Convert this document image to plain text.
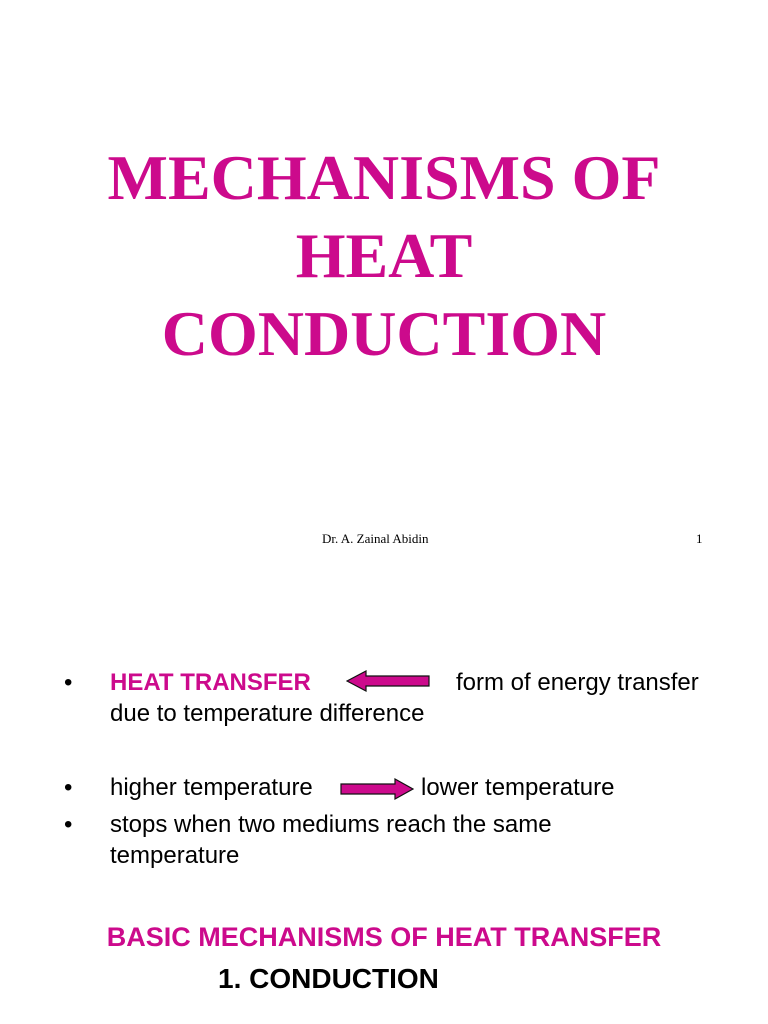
MECHANISMS OF
HEAT
CONDUCTION
Dr. A. Zainal Abidin	1
• HEAT TRANSFER	form of energy transfer
due to temperature difference
• higher temperature	lower temperature
• stops when two mediums reach the same
temperature
BASIC MECHANISMS OF HEAT TRANSFER
1. CONDUCTION
